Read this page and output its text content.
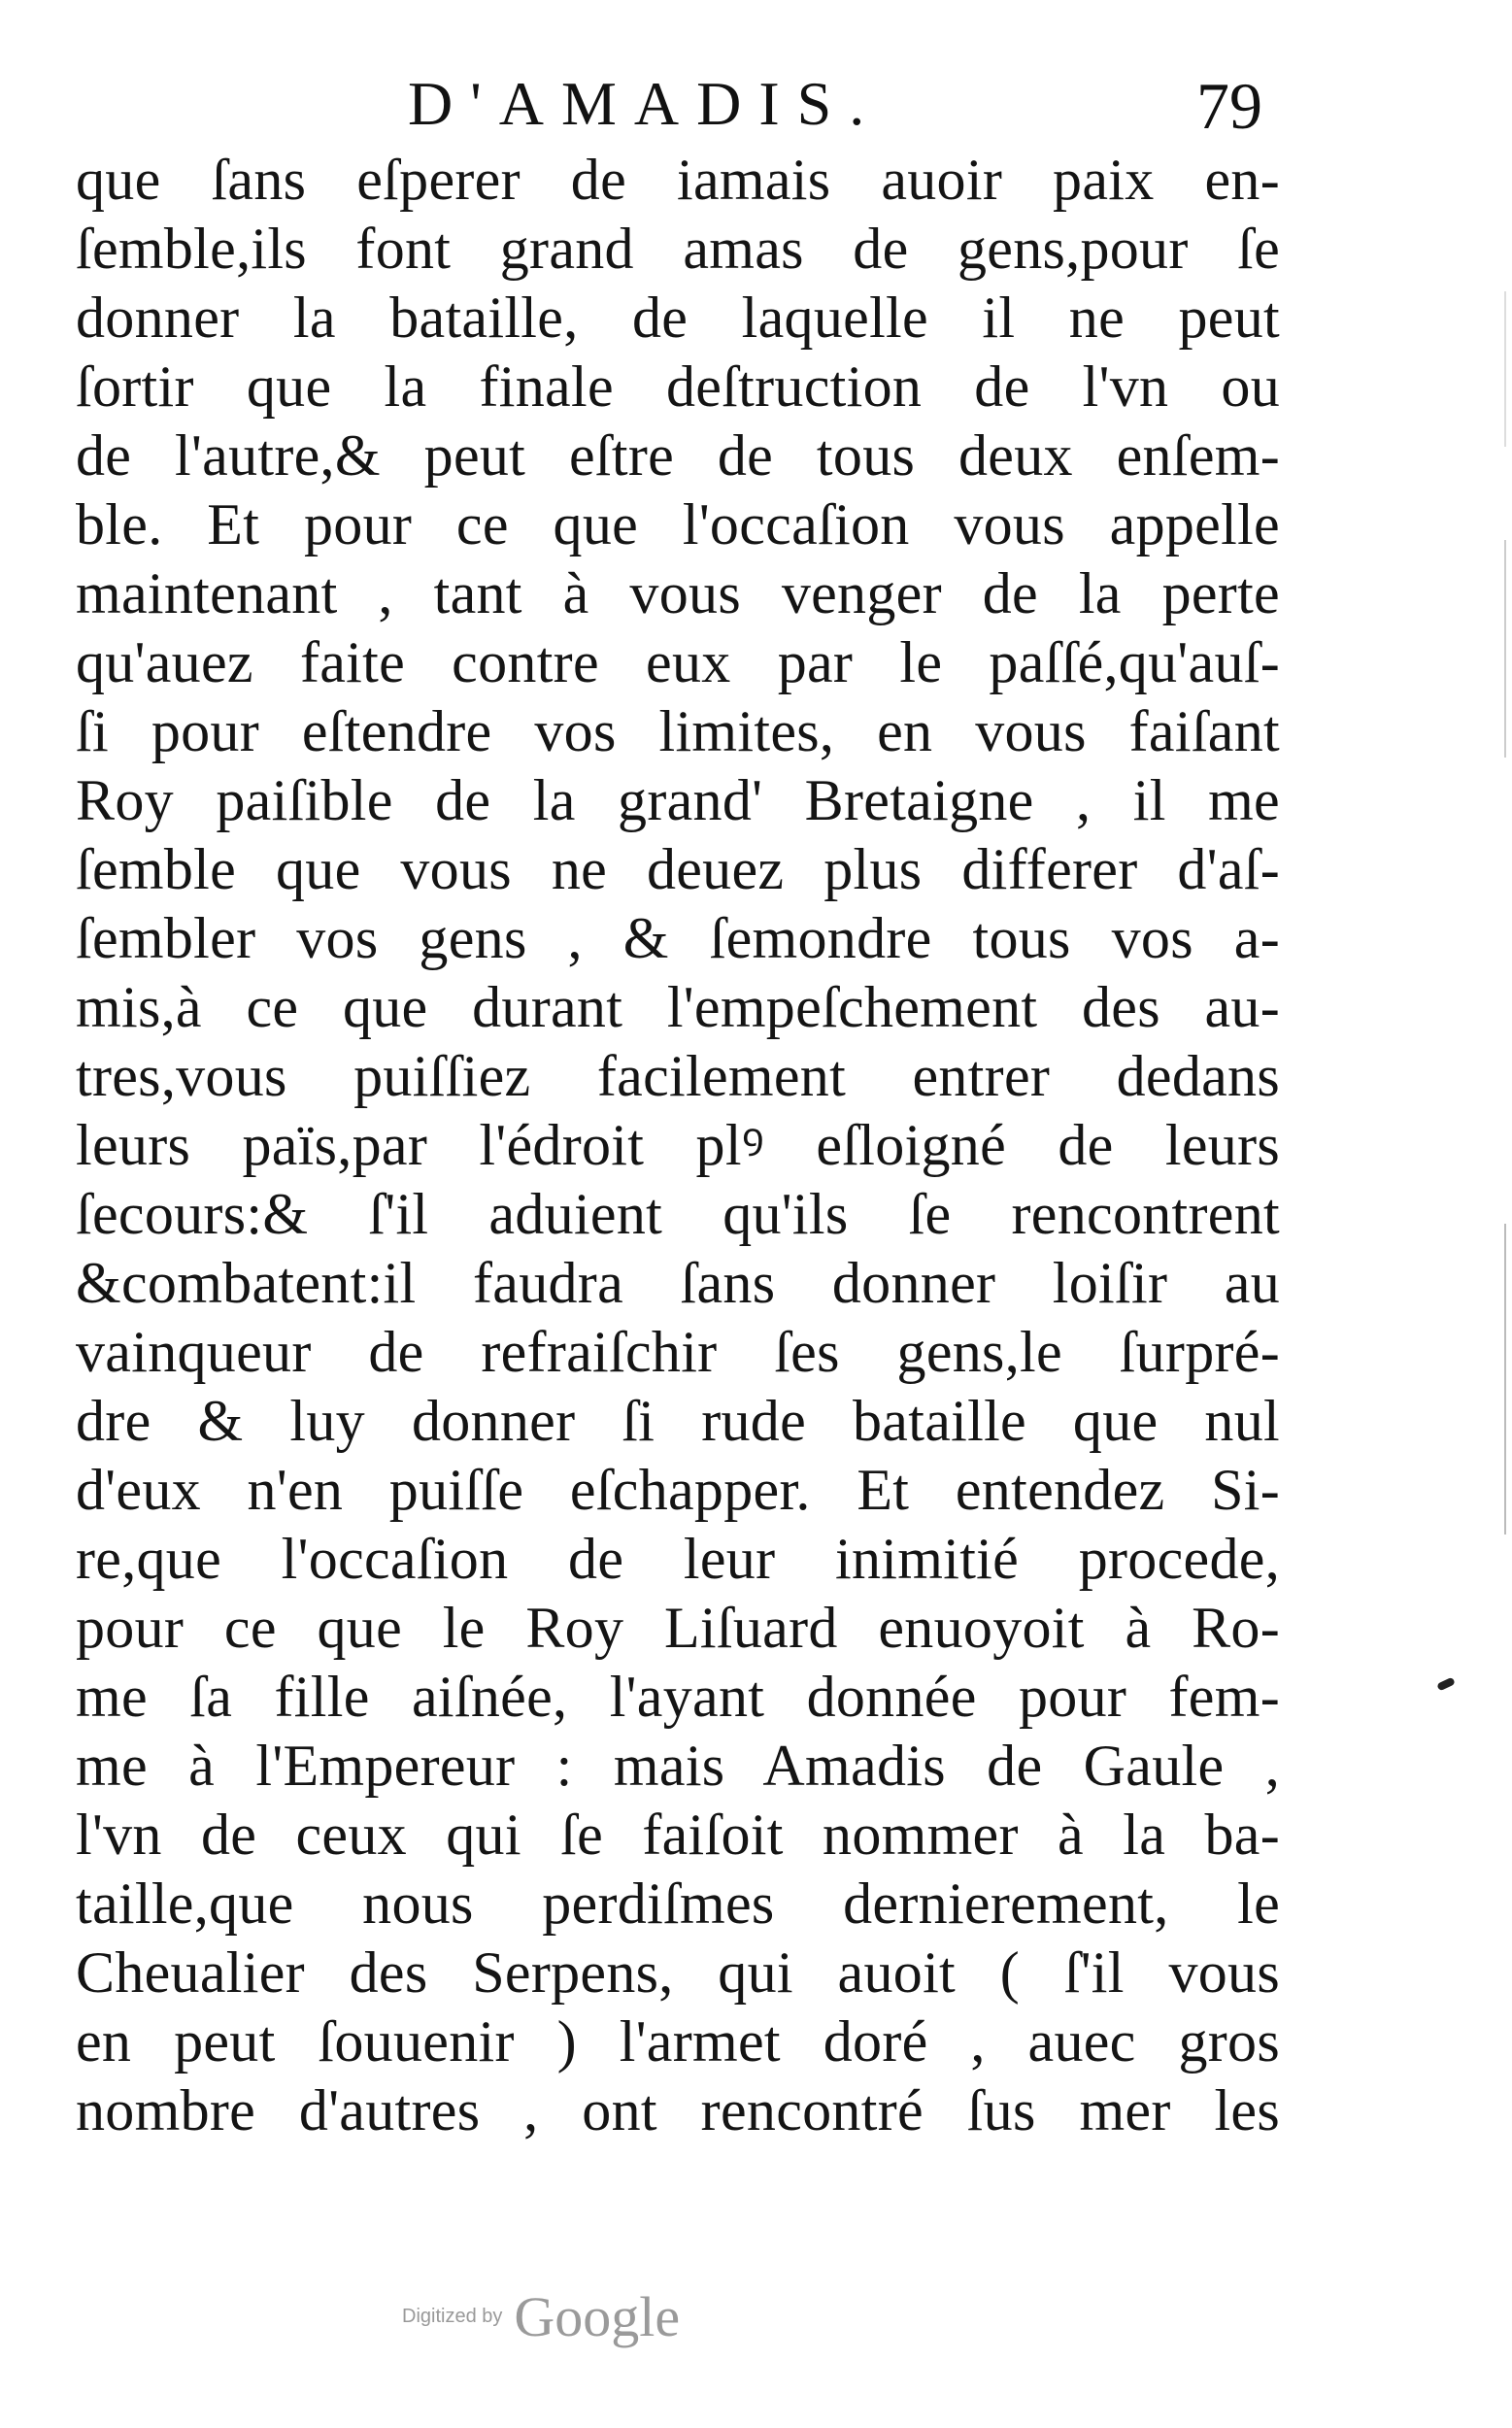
D'AMADIS.	79
que ſans eſperer de iamais auoir paix en-
ſemble,ils font grand amas de gens,pour ſe
donner la bataille, de laquelle il ne peut
ſortir que la finale deſtruction de l'vn ou
de l'autre,& peut eſtre de tous deux enſem-
ble. Et pour ce que l'occaſion vous appelle
maintenant , tant à vous venger de la perte
qu'auez faite contre eux par le paſſé,qu'auſ-
ſi pour eſtendre vos limites, en vous faiſant
Roy paiſible de la grand' Bretaigne , il me
ſemble que vous ne deuez plus differer d'aſ-
ſembler vos gens , & ſemondre tous vos a-
mis,à ce que durant l'empeſchement des au-
tres,vous puiſſiez facilement entrer dedans
leurs païs,par l'édroit plꝰ eſloigné de leurs
ſecours:& ſ'il aduient qu'ils ſe rencontrent
&combatent:il faudra ſans donner loiſir au
vainqueur de refraiſchir ſes gens,le ſurpré-
dre & luy donner ſi rude bataille que nul
d'eux n'en puiſſe eſchapper. Et entendez Si-
re,que l'occaſion de leur inimitié procede,
pour ce que le Roy Liſuard enuoyoit à Ro-
me ſa fille aiſnée, l'ayant donnée pour fem-
me à l'Empereur : mais Amadis de Gaule ,
l'vn de ceux qui ſe faiſoit nommer à la ba-
taille,que nous perdiſmes dernierement, le
Cheualier des Serpens, qui auoit ( ſ'il vous
en peut ſouuenir ) l'armet doré , auec gros
nombre d'autres , ont rencontré ſus mer les
Digitized by Google
